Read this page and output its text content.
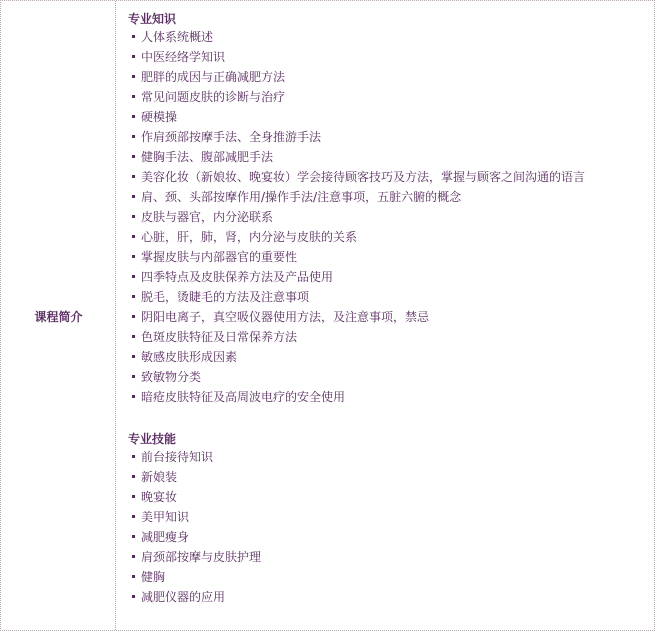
课程简介
专业知识
人体系统概述
中医经络学知识
肥胖的成因与正确减肥方法
常见问题皮肤的诊断与治疗
硬模操
作肩颈部按摩手法、全身推游手法
健胸手法、腹部减肥手法
美容化妆（新娘妆、晚宴妆）学会接待顾客技巧及方法，掌握与顾客之间沟通的语言
肩、颈、头部按摩作用/操作手法/注意事项，五脏六腑的概念
皮肤与器官，内分泌联系
心脏，肝，肺，肾，内分泌与皮肤的关系
掌握皮肤与内部器官的重要性
四季特点及皮肤保养方法及产品使用
脱毛，烫睫毛的方法及注意事项
阴阳电离子，真空吸仪器使用方法，及注意事项，禁忌
色斑皮肤特征及日常保养方法
敏感皮肤形成因素
致敏物分类
暗疮皮肤特征及高周波电疗的安全使用
专业技能
前台接待知识
新娘装
晚宴妆
美甲知识
减肥瘦身
肩颈部按摩与皮肤护理
健胸
减肥仪器的应用
